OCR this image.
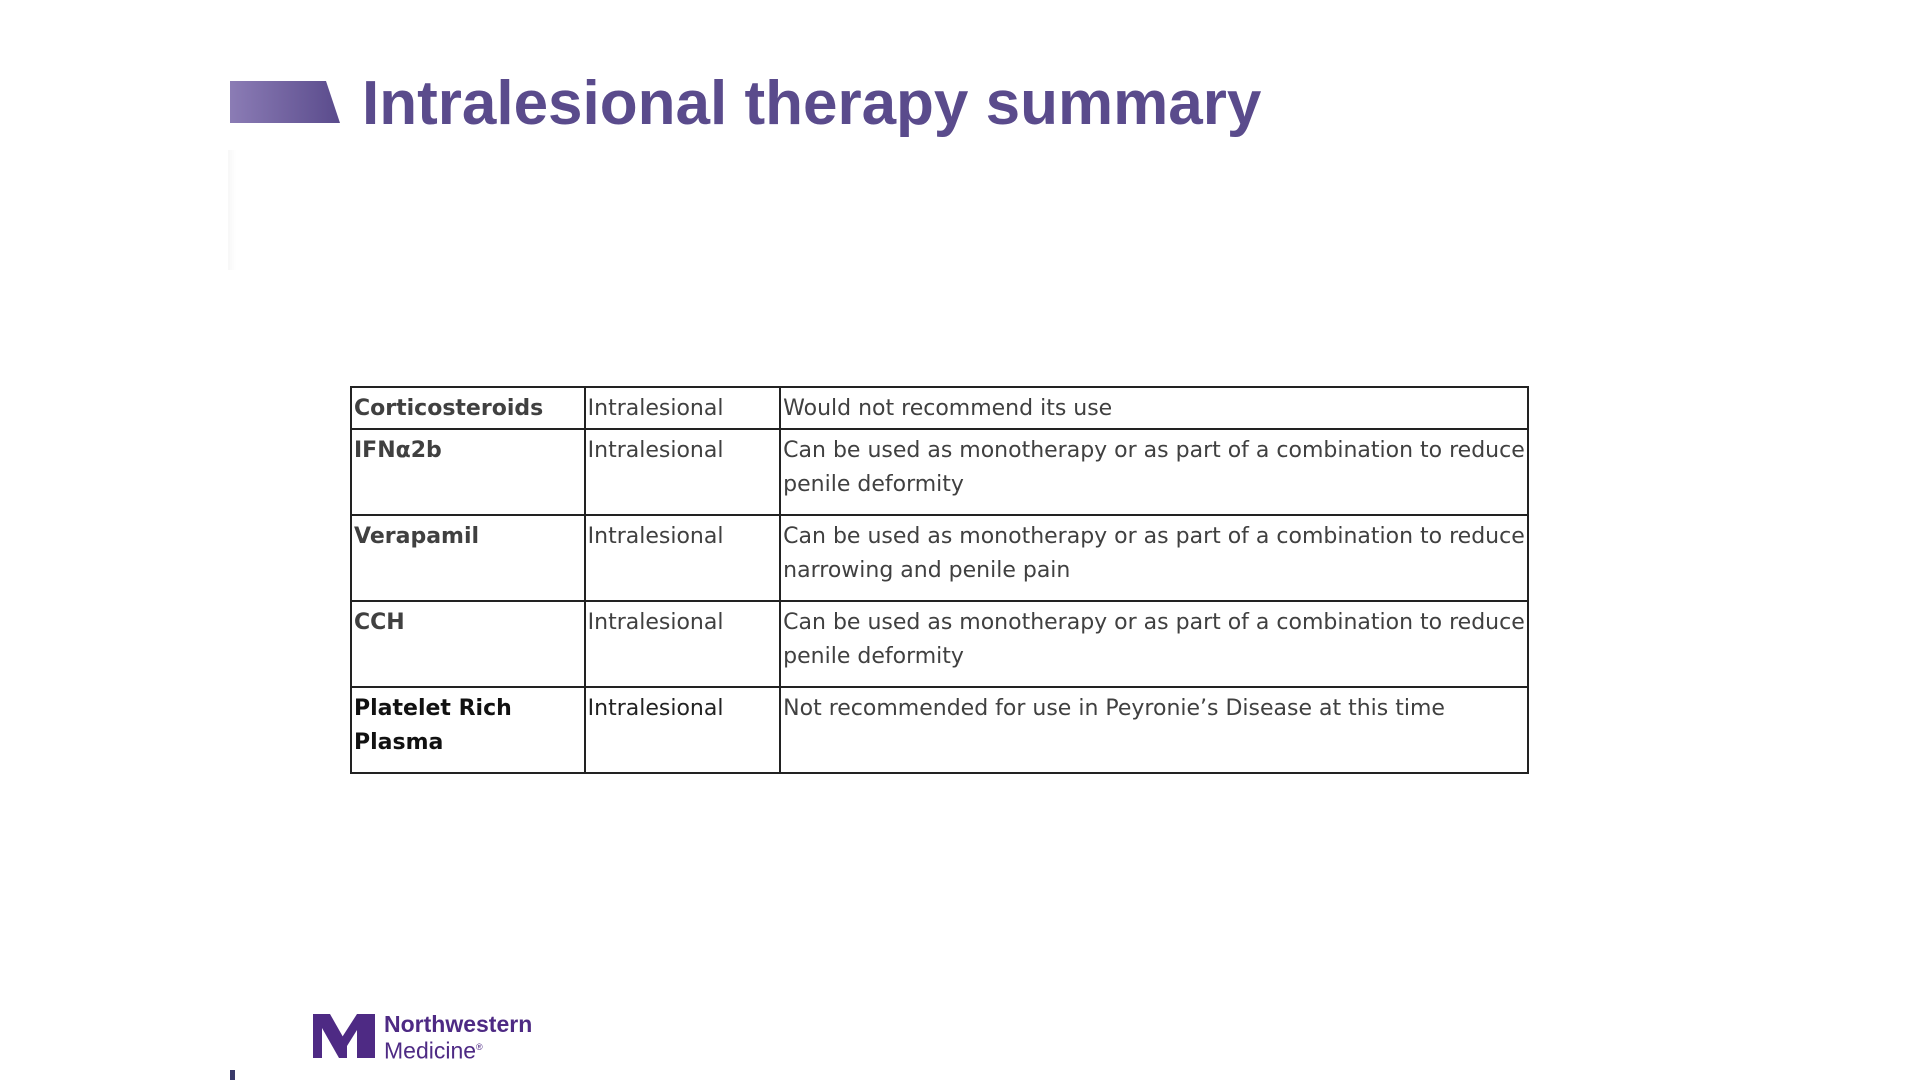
Intralesional therapy summary
Corticosteroids	Intralesional	Would not recommend its use
IFNα2b	Intralesional	Can be used as monotherapy or as part of a combination to reduce penile deformity
Verapamil	Intralesional	Can be used as monotherapy or as part of a combination to reduce narrowing and penile pain
CCH	Intralesional	Can be used as monotherapy or as part of a combination to reduce penile deformity
Platelet Rich Plasma	Intralesional	Not recommended for use in Peyronie’s Disease at this time
Northwestern
Medicine®
